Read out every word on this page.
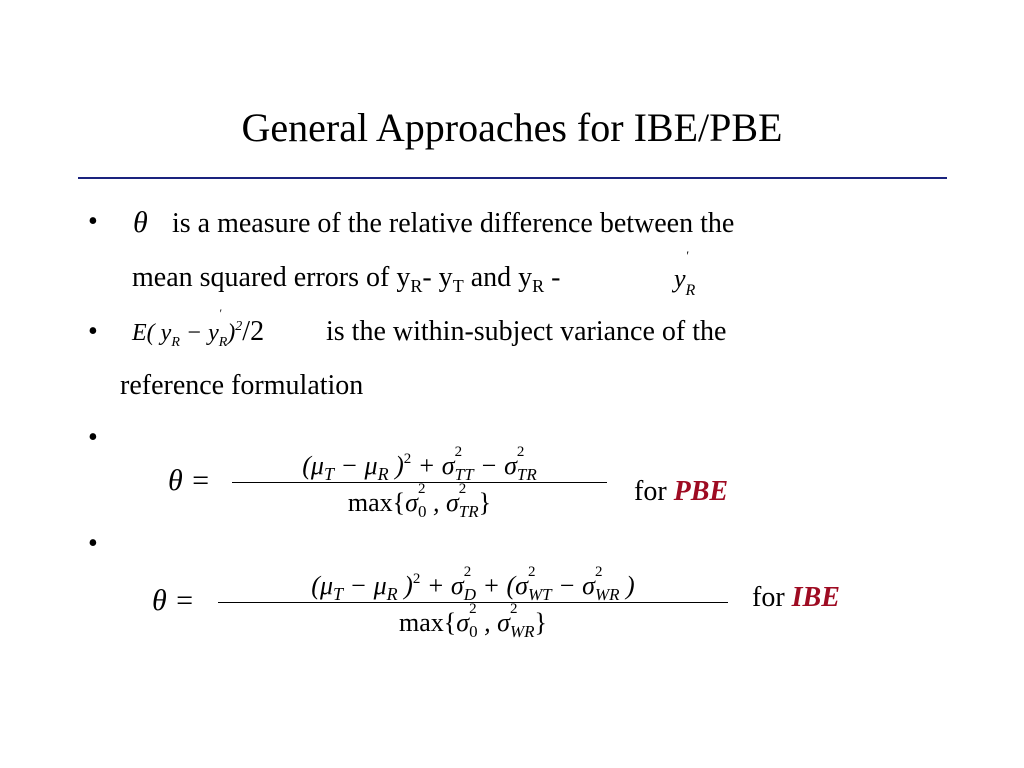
General Approaches for IBE/PBE
• θ is a measure of the relative difference between the
mean squared errors of $y_R-$ $y_T$ and $y_R$ -	y
'
$_R$
• E( $y_R - y$
'
$_R$)$^2$/2 is the within-subject variance of the
reference formulation
•
θ =	($\mu_T - \mu_R$ )$^2$ + σ 2
$_{TT}$ − σ 2
$_{TR}$
max{σ 2
$_0$ , σ 2
$_{TR}$}	for PBE
•
θ =	($\mu_T - \mu_R$ )$^2$ + σ 2
$_D$ + (σ 2
$_{WT}$ − σ 2
$_{WR}$ )
max{σ 2
$_0$ , σ 2
$_{WR}$}
for IBE
